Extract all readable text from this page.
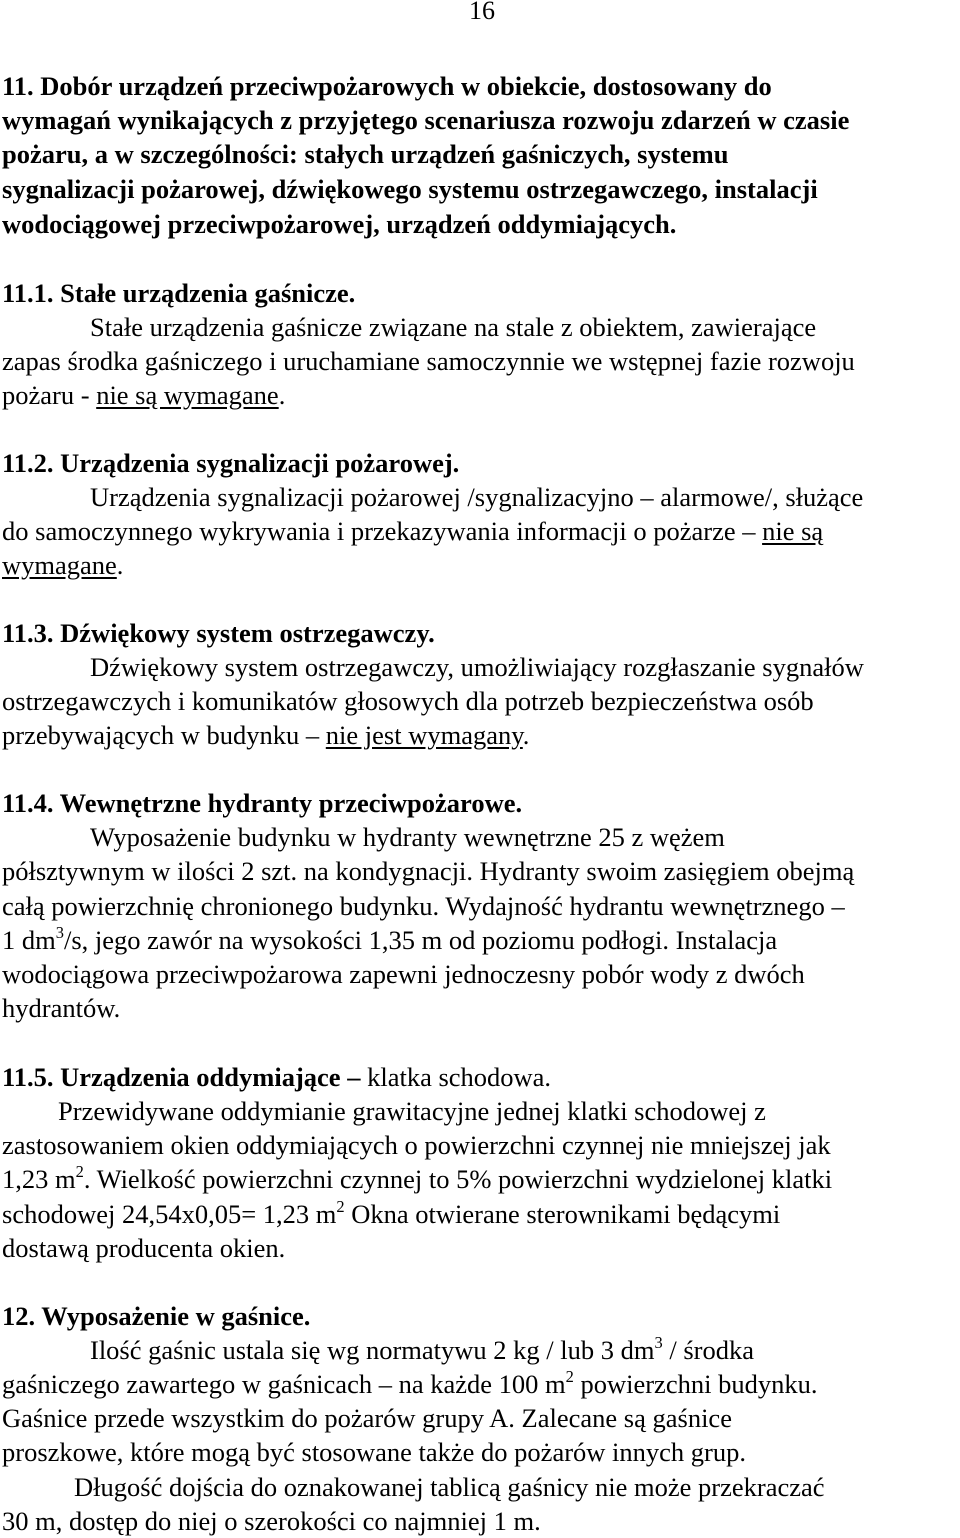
16
11. Dobór urządzeń przeciwpożarowych w obiekcie, dostosowany do
wymagań wynikających z przyjętego scenariusza rozwoju zdarzeń w czasie
pożaru, a w szczególności: stałych urządzeń gaśniczych, systemu
sygnalizacji pożarowej, dźwiękowego systemu ostrzegawczego, instalacji
wodociągowej przeciwpożarowej, urządzeń oddymiających.
11.1. Stałe urządzenia gaśnicze.
Stałe urządzenia gaśnicze związane na stale z obiektem, zawierające
zapas środka gaśniczego i uruchamiane samoczynnie we wstępnej fazie rozwoju
pożaru - nie są wymagane.
11.2. Urządzenia sygnalizacji pożarowej.
Urządzenia sygnalizacji pożarowej /sygnalizacyjno – alarmowe/, służące
do samoczynnego wykrywania i przekazywania informacji o pożarze – nie są
wymagane.
11.3. Dźwiękowy system ostrzegawczy.
Dźwiękowy system ostrzegawczy, umożliwiający rozgłaszanie sygnałów
ostrzegawczych i komunikatów głosowych dla potrzeb bezpieczeństwa osób
przebywających w budynku – nie jest wymagany.
11.4. Wewnętrzne hydranty przeciwpożarowe.
Wyposażenie budynku w hydranty wewnętrzne 25 z wężem
półsztywnym w ilości 2 szt. na kondygnacji. Hydranty swoim zasięgiem obejmą
całą powierzchnię chronionego budynku. Wydajność hydrantu wewnętrznego –
1 $dm^3/s$, jego zawór na wysokości 1,35 m od poziomu podłogi. Instalacja
wodociągowa przeciwpożarowa zapewni jednoczesny pobór wody z dwóch
hydrantów.
11.5. Urządzenia oddymiające – klatka schodowa.
Przewidywane oddymianie grawitacyjne jednej klatki schodowej z
zastosowaniem okien oddymiających o powierzchni czynnej nie mniejszej jak
1,23 $m^2$. Wielkość powierzchni czynnej to 5% powierzchni wydzielonej klatki
schodowej 24,54x0,05= 1,23 $m^2$ Okna otwierane sterownikami będącymi
dostawą producenta okien.
12. Wyposażenie w gaśnice.
Ilość gaśnic ustala się wg normatywu 2 kg / lub 3 $dm^3$ / środka
gaśniczego zawartego w gaśnicach – na każde 100 $m^2$ powierzchni budynku.
Gaśnice przede wszystkim do pożarów grupy A. Zalecane są gaśnice
proszkowe, które mogą być stosowane także do pożarów innych grup.
Długość dojścia do oznakowanej tablicą gaśnicy nie może przekraczać
30 m, dostęp do niej o szerokości co najmniej 1 m.
